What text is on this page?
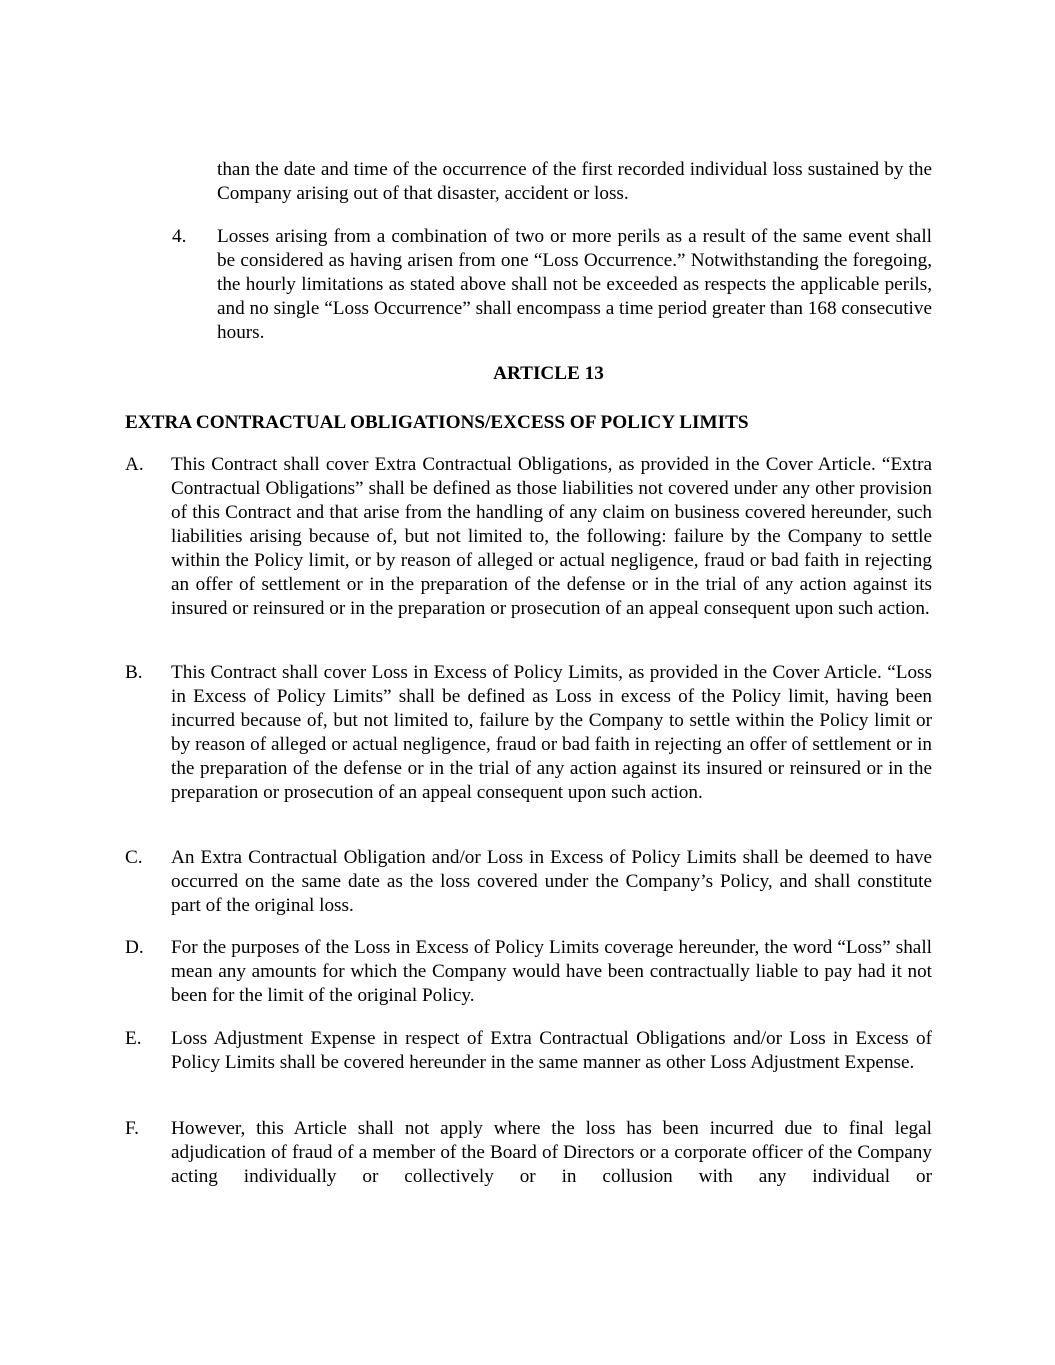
than the date and time of the occurrence of the first recorded individual loss sustained by the Company arising out of that disaster, accident or loss.
4.	Losses arising from a combination of two or more perils as a result of the same event shall be considered as having arisen from one “Loss Occurrence.” Notwithstanding the foregoing, the hourly limitations as stated above shall not be exceeded as respects the applicable perils, and no single “Loss Occurrence” shall encompass a time period greater than 168 consecutive hours.
ARTICLE 13
EXTRA CONTRACTUAL OBLIGATIONS/EXCESS OF POLICY LIMITS
A.	This Contract shall cover Extra Contractual Obligations, as provided in the Cover Article. “Extra Contractual Obligations” shall be defined as those liabilities not covered under any other provision of this Contract and that arise from the handling of any claim on business covered hereunder, such liabilities arising because of, but not limited to, the following: failure by the Company to settle within the Policy limit, or by reason of alleged or actual negligence, fraud or bad faith in rejecting an offer of settlement or in the preparation of the defense or in the trial of any action against its insured or reinsured or in the preparation or prosecution of an appeal consequent upon such action.
B.	This Contract shall cover Loss in Excess of Policy Limits, as provided in the Cover Article. “Loss in Excess of Policy Limits” shall be defined as Loss in excess of the Policy limit, having been incurred because of, but not limited to, failure by the Company to settle within the Policy limit or by reason of alleged or actual negligence, fraud or bad faith in rejecting an offer of settlement or in the preparation of the defense or in the trial of any action against its insured or reinsured or in the preparation or prosecution of an appeal consequent upon such action.
C.	An Extra Contractual Obligation and/or Loss in Excess of Policy Limits shall be deemed to have occurred on the same date as the loss covered under the Company’s Policy, and shall constitute part of the original loss.
D.	For the purposes of the Loss in Excess of Policy Limits coverage hereunder, the word “Loss” shall mean any amounts for which the Company would have been contractually liable to pay had it not been for the limit of the original Policy.
E.	Loss Adjustment Expense in respect of Extra Contractual Obligations and/or Loss in Excess of Policy Limits shall be covered hereunder in the same manner as other Loss Adjustment Expense.
F.	However, this Article shall not apply where the loss has been incurred due to final legal adjudication of fraud of a member of the Board of Directors or a corporate officer of the Company acting individually or collectively or in collusion with any individual or
